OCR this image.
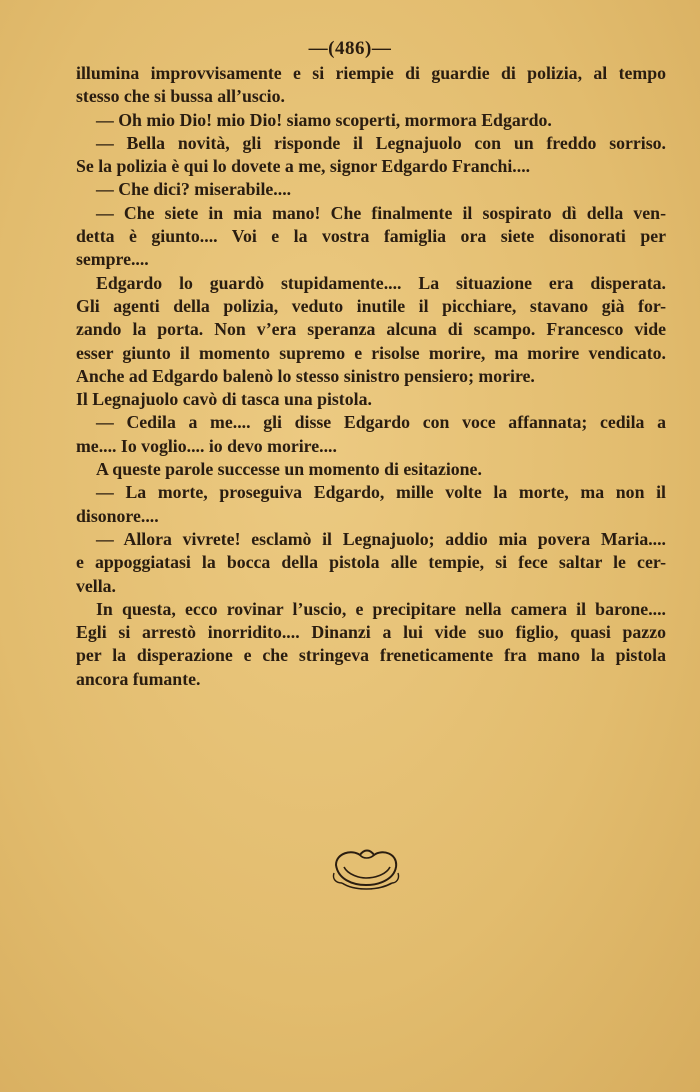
—(486)—
illumina improvvisamente e si riempie di guardie di polizia, al tempo
stesso che si bussa all’uscio.
— Oh mio Dio! mio Dio! siamo scoperti, mormora Edgardo.
— Bella novità, gli risponde il Legnajuolo con un freddo sorriso.
Se la polizia è qui lo dovete a me, signor Edgardo Franchi....
— Che dici? miserabile....
— Che siete in mia mano! Che finalmente il sospirato dì della ven-
detta è giunto.... Voi e la vostra famiglia ora siete disonorati per
sempre....
Edgardo lo guardò stupidamente.... La situazione era disperata.
Gli agenti della polizia, veduto inutile il picchiare, stavano già for-
zando la porta. Non v’era speranza alcuna di scampo. Francesco vide
esser giunto il momento supremo e risolse morire, ma morire vendicato.
Anche ad Edgardo balenò lo stesso sinistro pensiero; morire.
Il Legnajuolo cavò di tasca una pistola.
— Cedila a me.... gli disse Edgardo con voce affannata; cedila a
me.... Io voglio.... io devo morire....
A queste parole successe un momento di esitazione.
— La morte, proseguiva Edgardo, mille volte la morte, ma non il
disonore....
— Allora vivrete! esclamò il Legnajuolo; addio mia povera Maria....
e appoggiatasi la bocca della pistola alle tempie, si fece saltar le cer-
vella.
In questa, ecco rovinar l’uscio, e precipitare nella camera il barone....
Egli si arrestò inorridito.... Dinanzi a lui vide suo figlio, quasi pazzo
per la disperazione e che stringeva freneticamente fra mano la pistola
ancora fumante.
